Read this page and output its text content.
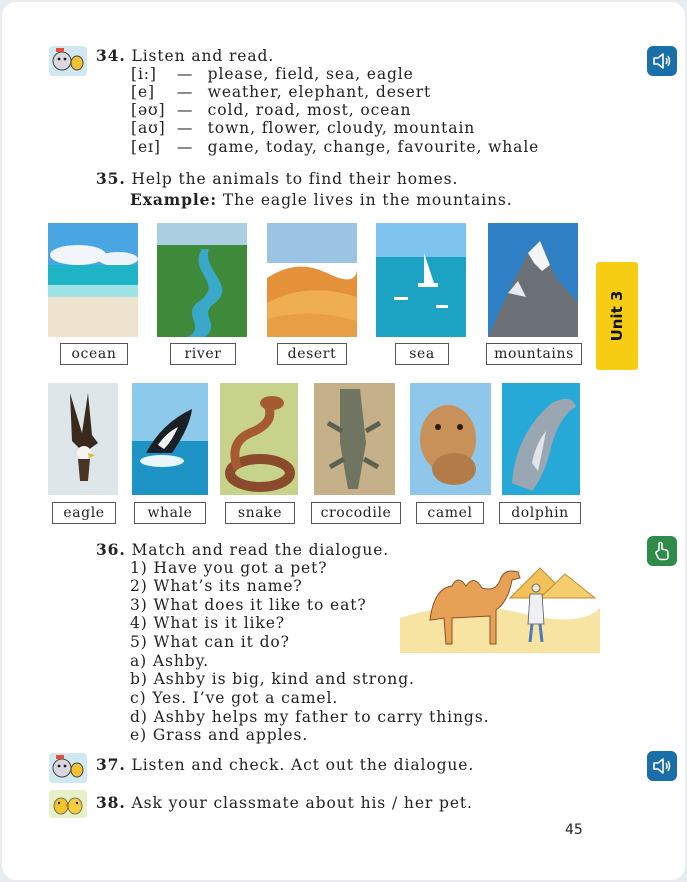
34. Listen and read.
[i:] — please, field, sea, eagle
[e] — weather, elephant, desert
[əʊ] — cold, road, most, ocean
[aʊ] — town, flower, cloudy, mountain
[eɪ] — game, today, change, favourite, whale
35. Help the animals to find their homes.
Example: The eagle lives in the mountains.
Unit 3
ocean	river	desert	sea	mountains
eagle	whale	snake	crocodile	camel	dolphin
36. Match and read the dialogue.
1) Have you got a pet?
2) What’s its name?
3) What does it like to eat?
4) What is it like?
5) What can it do?
a) Ashby.
b) Ashby is big, kind and strong.
c) Yes. I’ve got a camel.
d) Ashby helps my father to carry things.
e) Grass and apples.
37. Listen and check. Act out the dialogue.
38. Ask your classmate about his / her pet.
45
